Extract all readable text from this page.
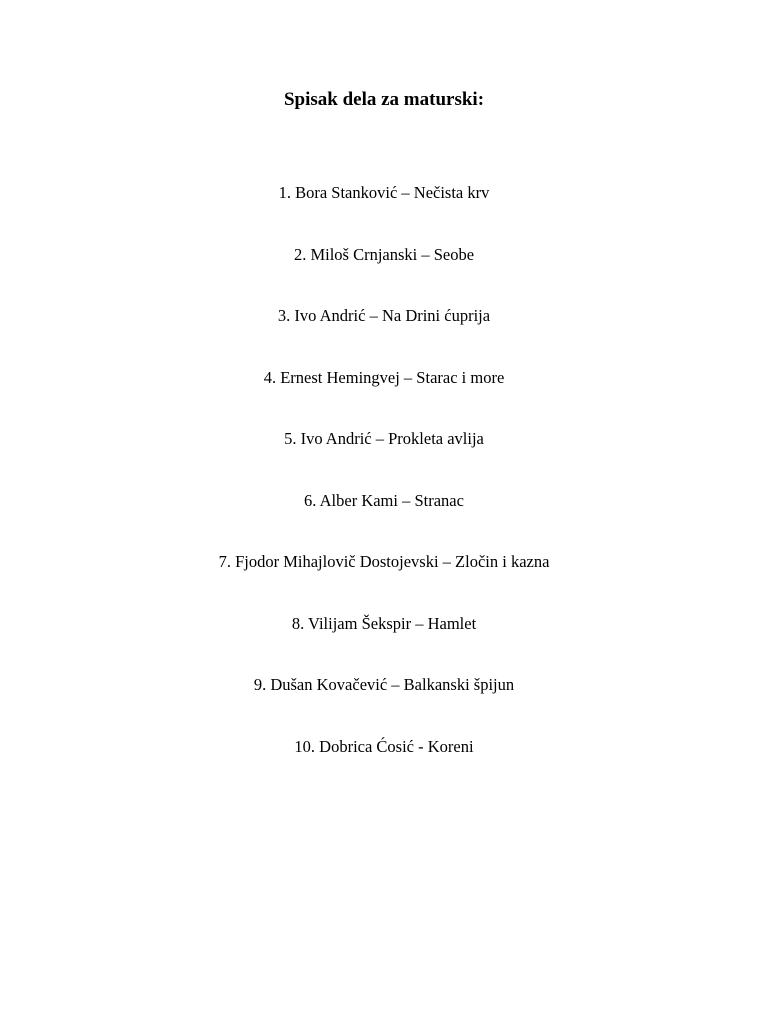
Spisak dela za maturski:
1. Bora Stanković – Nečista krv
2. Miloš Crnjanski – Seobe
3. Ivo Andrić – Na Drini ćuprija
4. Ernest Hemingvej – Starac i more
5. Ivo Andrić – Prokleta avlija
6. Alber Kami – Stranac
7. Fjodor Mihajlovič Dostojevski – Zločin i kazna
8. Vilijam Šekspir – Hamlet
9. Dušan Kovačević – Balkanski špijun
10. Dobrica Ćosić - Koreni
